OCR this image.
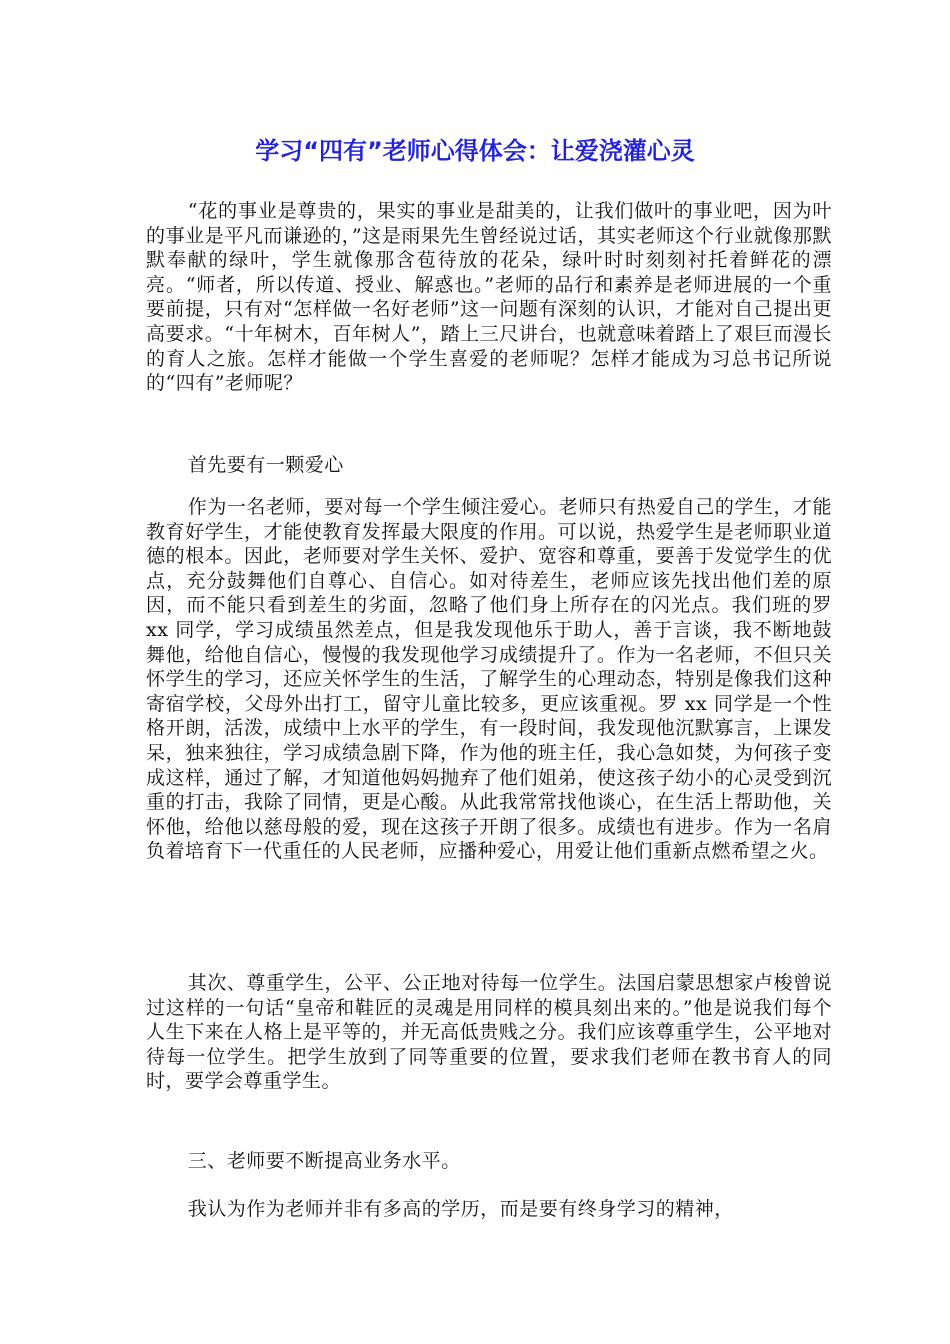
学习“四有”老师心得体会：让爱浇灌心灵

“花的事业是尊贵的，果实的事业是甜美的，让我们做叶的事业吧，因为叶的事业是平凡而谦逊的，”这是雨果先生曾经说过话，其实老师这个行业就像那默默奉献的绿叶，学生就像那含苞待放的花朵，绿叶时时刻刻衬托着鲜花的漂亮。“师者，所以传道、授业、解惑也。”老师的品行和素养是老师进展的一个重要前提，只有对“怎样做一名好老师”这一问题有深刻的认识，才能对自己提出更高要求。“十年树木，百年树人”，踏上三尺讲台，也就意味着踏上了艰巨而漫长的育人之旅。怎样才能做一个学生喜爱的老师呢？怎样才能成为习总书记所说的“四有”老师呢？

首先要有一颗爱心

作为一名老师，要对每一个学生倾注爱心。老师只有热爱自己的学生，才能教育好学生，才能使教育发挥最大限度的作用。可以说，热爱学生是老师职业道德的根本。因此，老师要对学生关怀、爱护、宽容和尊重，要善于发觉学生的优点，充分鼓舞他们自尊心、自信心。如对待差生，老师应该先找出他们差的原因，而不能只看到差生的劣面，忽略了他们身上所存在的闪光点。我们班的罗 xx 同学，学习成绩虽然差点，但是我发现他乐于助人，善于言谈，我不断地鼓舞他，给他自信心，慢慢的我发现他学习成绩提升了。作为一名老师，不但只关怀学生的学习，还应关怀学生的生活，了解学生的心理动态，特别是像我们这种寄宿学校，父母外出打工，留守儿童比较多，更应该重视。罗 xx 同学是一个性格开朗，活泼，成绩中上水平的学生，有一段时间，我发现他沉默寡言，上课发呆，独来独往，学习成绩急剧下降，作为他的班主任，我心急如焚，为何孩子变成这样，通过了解，才知道他妈妈抛弃了他们姐弟，使这孩子幼小的心灵受到沉重的打击，我除了同情，更是心酸。从此我常常找他谈心，在生活上帮助他，关怀他，给他以慈母般的爱，现在这孩子开朗了很多。成绩也有进步。作为一名肩负着培育下一代重任的人民老师，应播种爱心，用爱让他们重新点燃希望之火。

其次、尊重学生，公平、公正地对待每一位学生。法国启蒙思想家卢梭曾说过这样的一句话“皇帝和鞋匠的灵魂是用同样的模具刻出来的。”他是说我们每个人生下来在人格上是平等的，并无高低贵贱之分。我们应该尊重学生，公平地对待每一位学生。把学生放到了同等重要的位置，要求我们老师在教书育人的同时，要学会尊重学生。

三、老师要不断提高业务水平。

我认为作为老师并非有多高的学历，而是要有终身学习的精神，
